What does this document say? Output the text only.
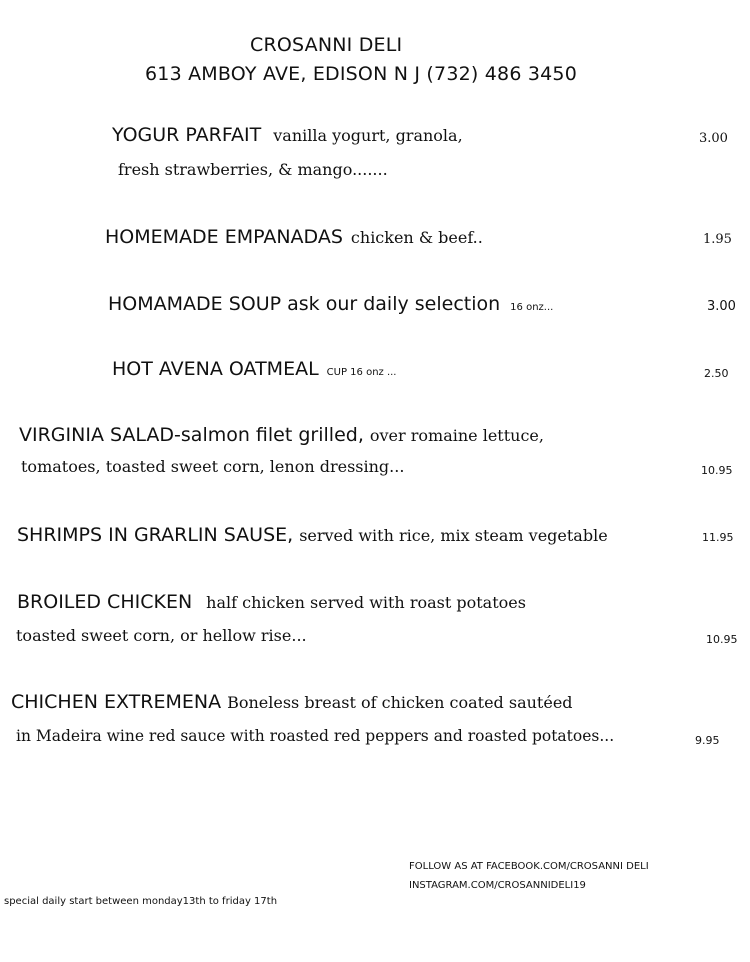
CROSANNI DELI
613 AMBOY AVE, EDISON N J (732) 486 3450
YOGUR PARFAIT vanilla yogurt, granola,
fresh strawberries, & mango.......
3.00
HOMEMADE EMPANADAS chicken & beef..	1.95
HOMAMADE SOUP ask our daily selection 16 onz...	3.00
HOT AVENA OATMEAL CUP 16 onz ...	2.50
VIRGINIA SALAD-salmon filet grilled, over romaine lettuce,
tomatoes, toasted sweet corn, lenon dressing...	10.95
SHRIMPS IN GRARLIN SAUSE, served with rice, mix steam vegetable	11.95
BROILED CHICKEN half chicken served with roast potatoes
toasted sweet corn, or hellow rise...	10.95
CHICHEN EXTREMENA Boneless breast of chicken coated sautéed
in Madeira wine red sauce with roasted red peppers and roasted potatoes...	9.95
FOLLOW AS AT FACEBOOK.COM/CROSANNI DELI
INSTAGRAM.COM/CROSANNIDELI19
special daily start between monday13th to friday 17th
